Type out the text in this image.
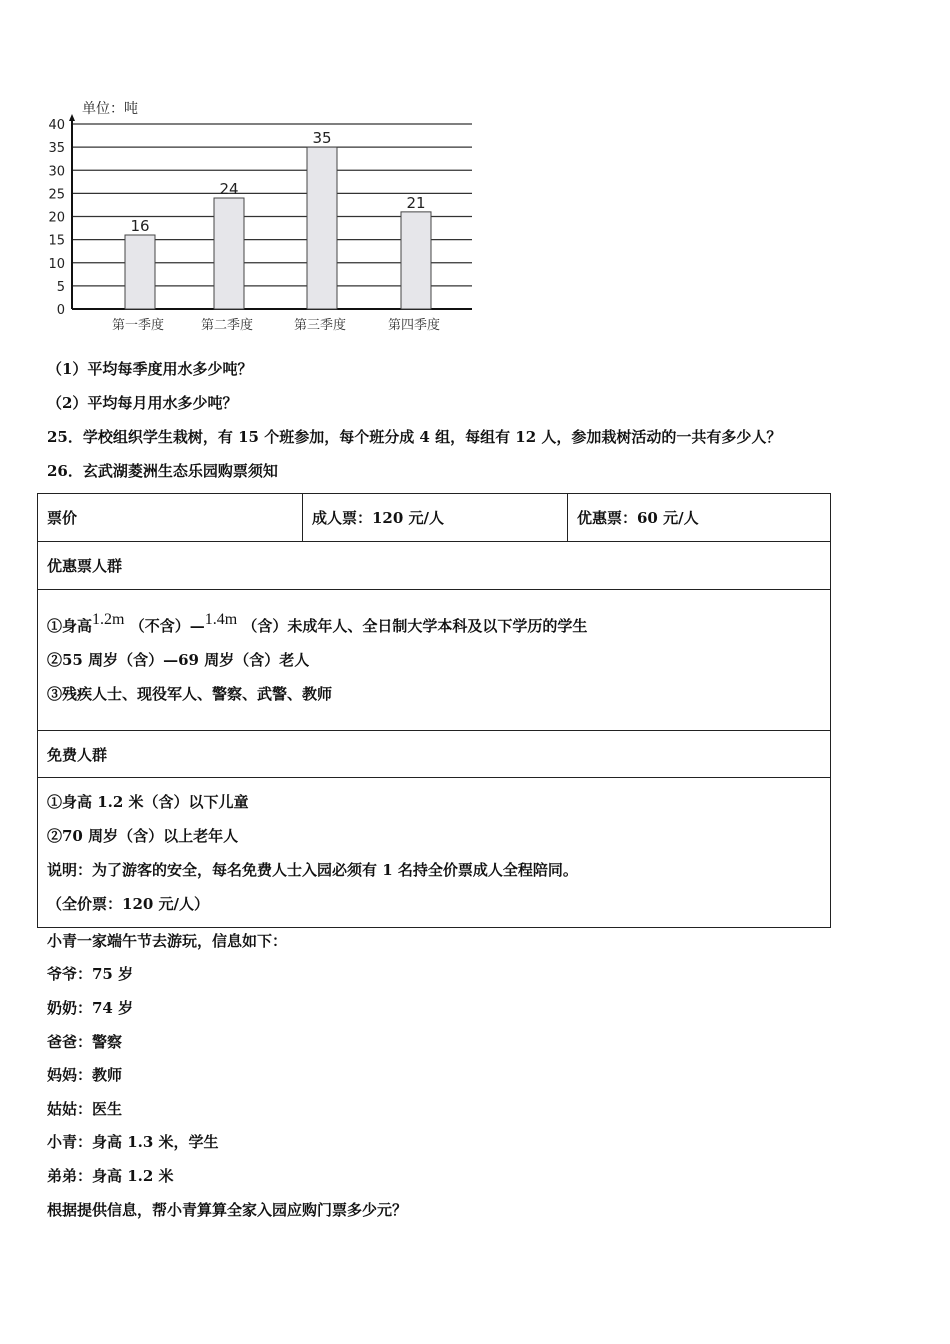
单位：吨
0
5
10
15
20
25
30
35
40
16
第一季度
24
第二季度
35
第三季度
21
第四季度
（1）平均每季度用水多少吨？
（2）平均每月用水多少吨？
25．学校组织学生栽树，有 15 个班参加，每个班分成 4 组，每组有 12 人，参加栽树活动的一共有多少人？
26．玄武湖菱洲生态乐园购票须知
票价	成人票：120 元/人	优惠票：60 元/人
优惠票人群

①身高$^{1.2m}$ （不含）—$^{1.4m}$ （含）未成年人、全日制大学本科及以下学历的学生
②55 周岁（含）—69 周岁（含）老人
③残疾人士、现役军人、警察、武警、教师

免费人群

①身高 1.2 米（含）以下儿童
②70 周岁（含）以上老年人
说明：为了游客的安全，每名免费人士入园必须有 1 名持全价票成人全程陪同。
（全价票：120 元/人）
小青一家端午节去游玩，信息如下：
爷爷：75 岁
奶奶：74 岁
爸爸：警察
妈妈：教师
姑姑：医生
小青：身高 1.3 米，学生
弟弟：身高 1.2 米
根据提供信息，帮小青算算全家入园应购门票多少元？
